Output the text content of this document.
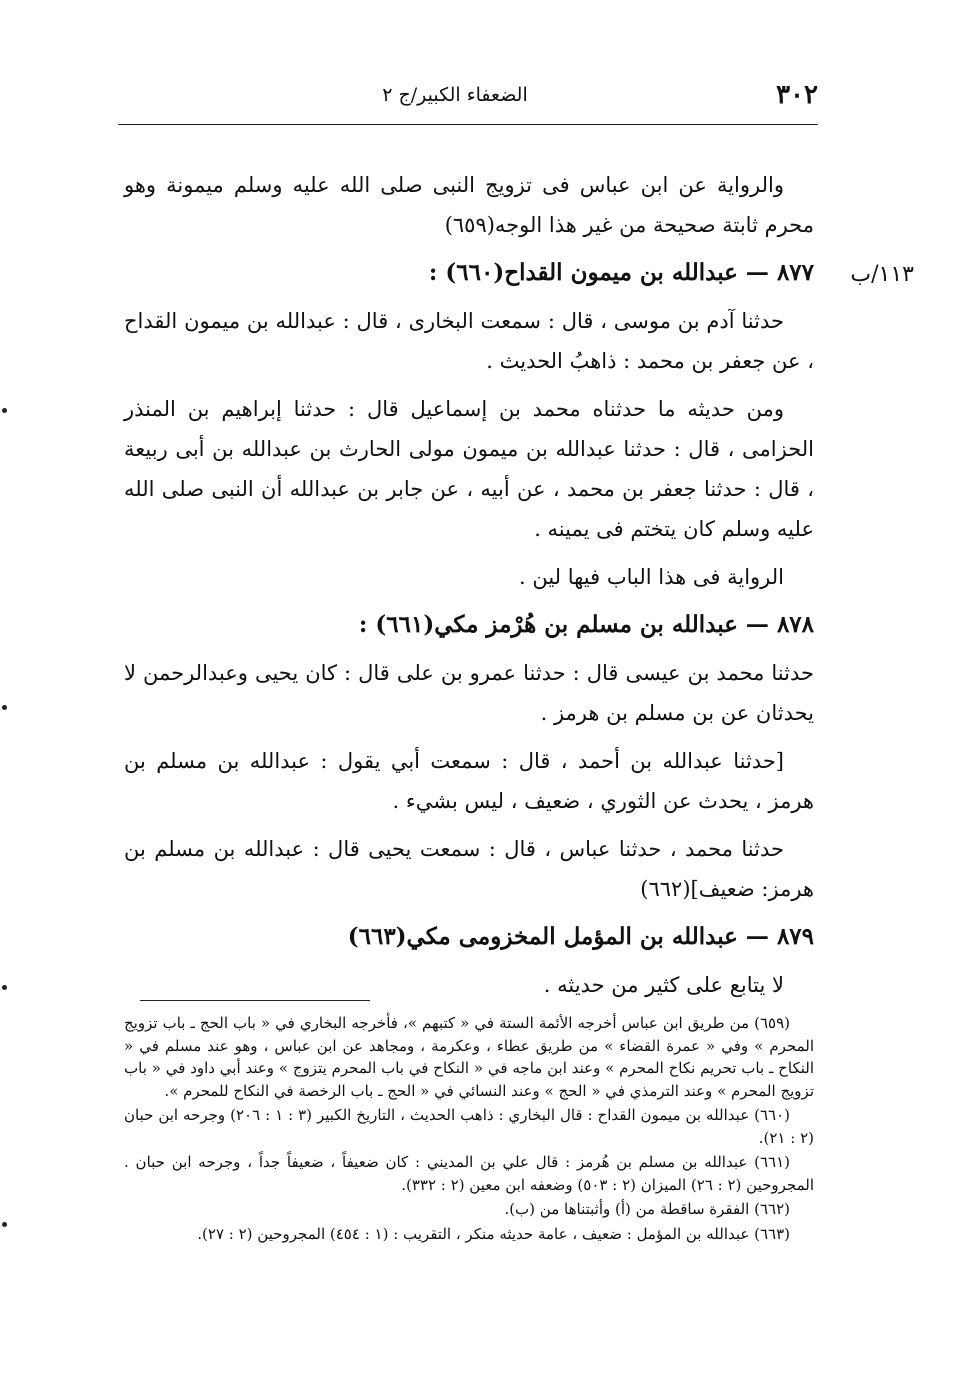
٣٠٢
الضعفاء الكبير/ج ٢
١١٣/ب

والرواية عن ابن عباس فى تزويج النبى صلى الله عليه وسلم ميمونة وهو محرم ثابتة صحيحة من غير هذا الوجه(٦٥٩)

٨٧٧ — عبدالله بن ميمون القداح(٦٦٠) :

حدثنا آدم بن موسى ، قال : سمعت البخارى ، قال : عبدالله بن ميمون القداح ، عن جعفر بن محمد : ذاهبُ الحديث .

ومن حديثه ما حدثناه محمد بن إسماعيل قال : حدثنا إبراهيم بن المنذر الحزامى ، قال : حدثنا عبدالله بن ميمون مولى الحارث بن عبدالله بن أبى ربيعة ، قال : حدثنا جعفر بن محمد ، عن أبيه ، عن جابر بن عبدالله أن النبى صلى الله عليه وسلم كان يتختم فى يمينه .

الرواية فى هذا الباب فيها لين .

٨٧٨ — عبدالله بن مسلم بن هُرْمز مكي(٦٦١) :

حدثنا محمد بن عيسى قال : حدثنا عمرو بن على قال : كان يحيى وعبدالرحمن لا يحدثان عن بن مسلم بن هرمز .

[حدثنا عبدالله بن أحمد ، قال : سمعت أبي يقول : عبدالله بن مسلم بن هرمز ، يحدث عن الثوري ، ضعيف ، ليس بشيء .

حدثنا محمد ، حدثنا عباس ، قال : سمعت يحيى قال : عبدالله بن مسلم بن هرمز: ضعيف](٦٦٢)

٨٧٩ — عبدالله بن المؤمل المخزومى مكي(٦٦٣)

لا يتابع على كثير من حديثه .

(٦٥٩) من طريق ابن عباس أخرجه الأئمة الستة في « كتبهم »، فأخرجه البخاري في « باب الحج ـ باب تزويج المحرم » وفي « عمرة القضاء » من طريق عطاء ، وعكرمة ، ومجاهد عن ابن عباس ، وهو عند مسلم في « النكاح ـ باب تحريم نكاح المحرم » وعند ابن ماجه في « النكاح في باب المحرم يتزوج » وعند أبي داود في « باب تزويج المحرم » وعند الترمذي في « الحج » وعند النسائي في « الحج ـ باب الرخصة في النكاح للمحرم ».

(٦٦٠) عبدالله بن ميمون القداح : قال البخاري : ذاهب الحديث ، التاريخ الكبير (٣ : ١ : ٢٠٦) وجرحه ابن حبان (٢ : ٢١).

(٦٦١) عبدالله بن مسلم بن هُرمز : قال علي بن المديني : كان ضعيفاً ، ضعيفاً جداً ، وجرحه ابن حبان . المجروحين (٢ : ٢٦) الميزان (٢ : ٥٠٣) وضعفه ابن معين (٢ : ٣٣٢).

(٦٦٢) الفقرة ساقطة من (أ) وأثبتناها من (ب).

(٦٦٣) عبدالله بن المؤمل : ضعيف ، عامة حديثه منكر ، التقريب : (١ : ٤٥٤) المجروحين (٢ : ٢٧).
